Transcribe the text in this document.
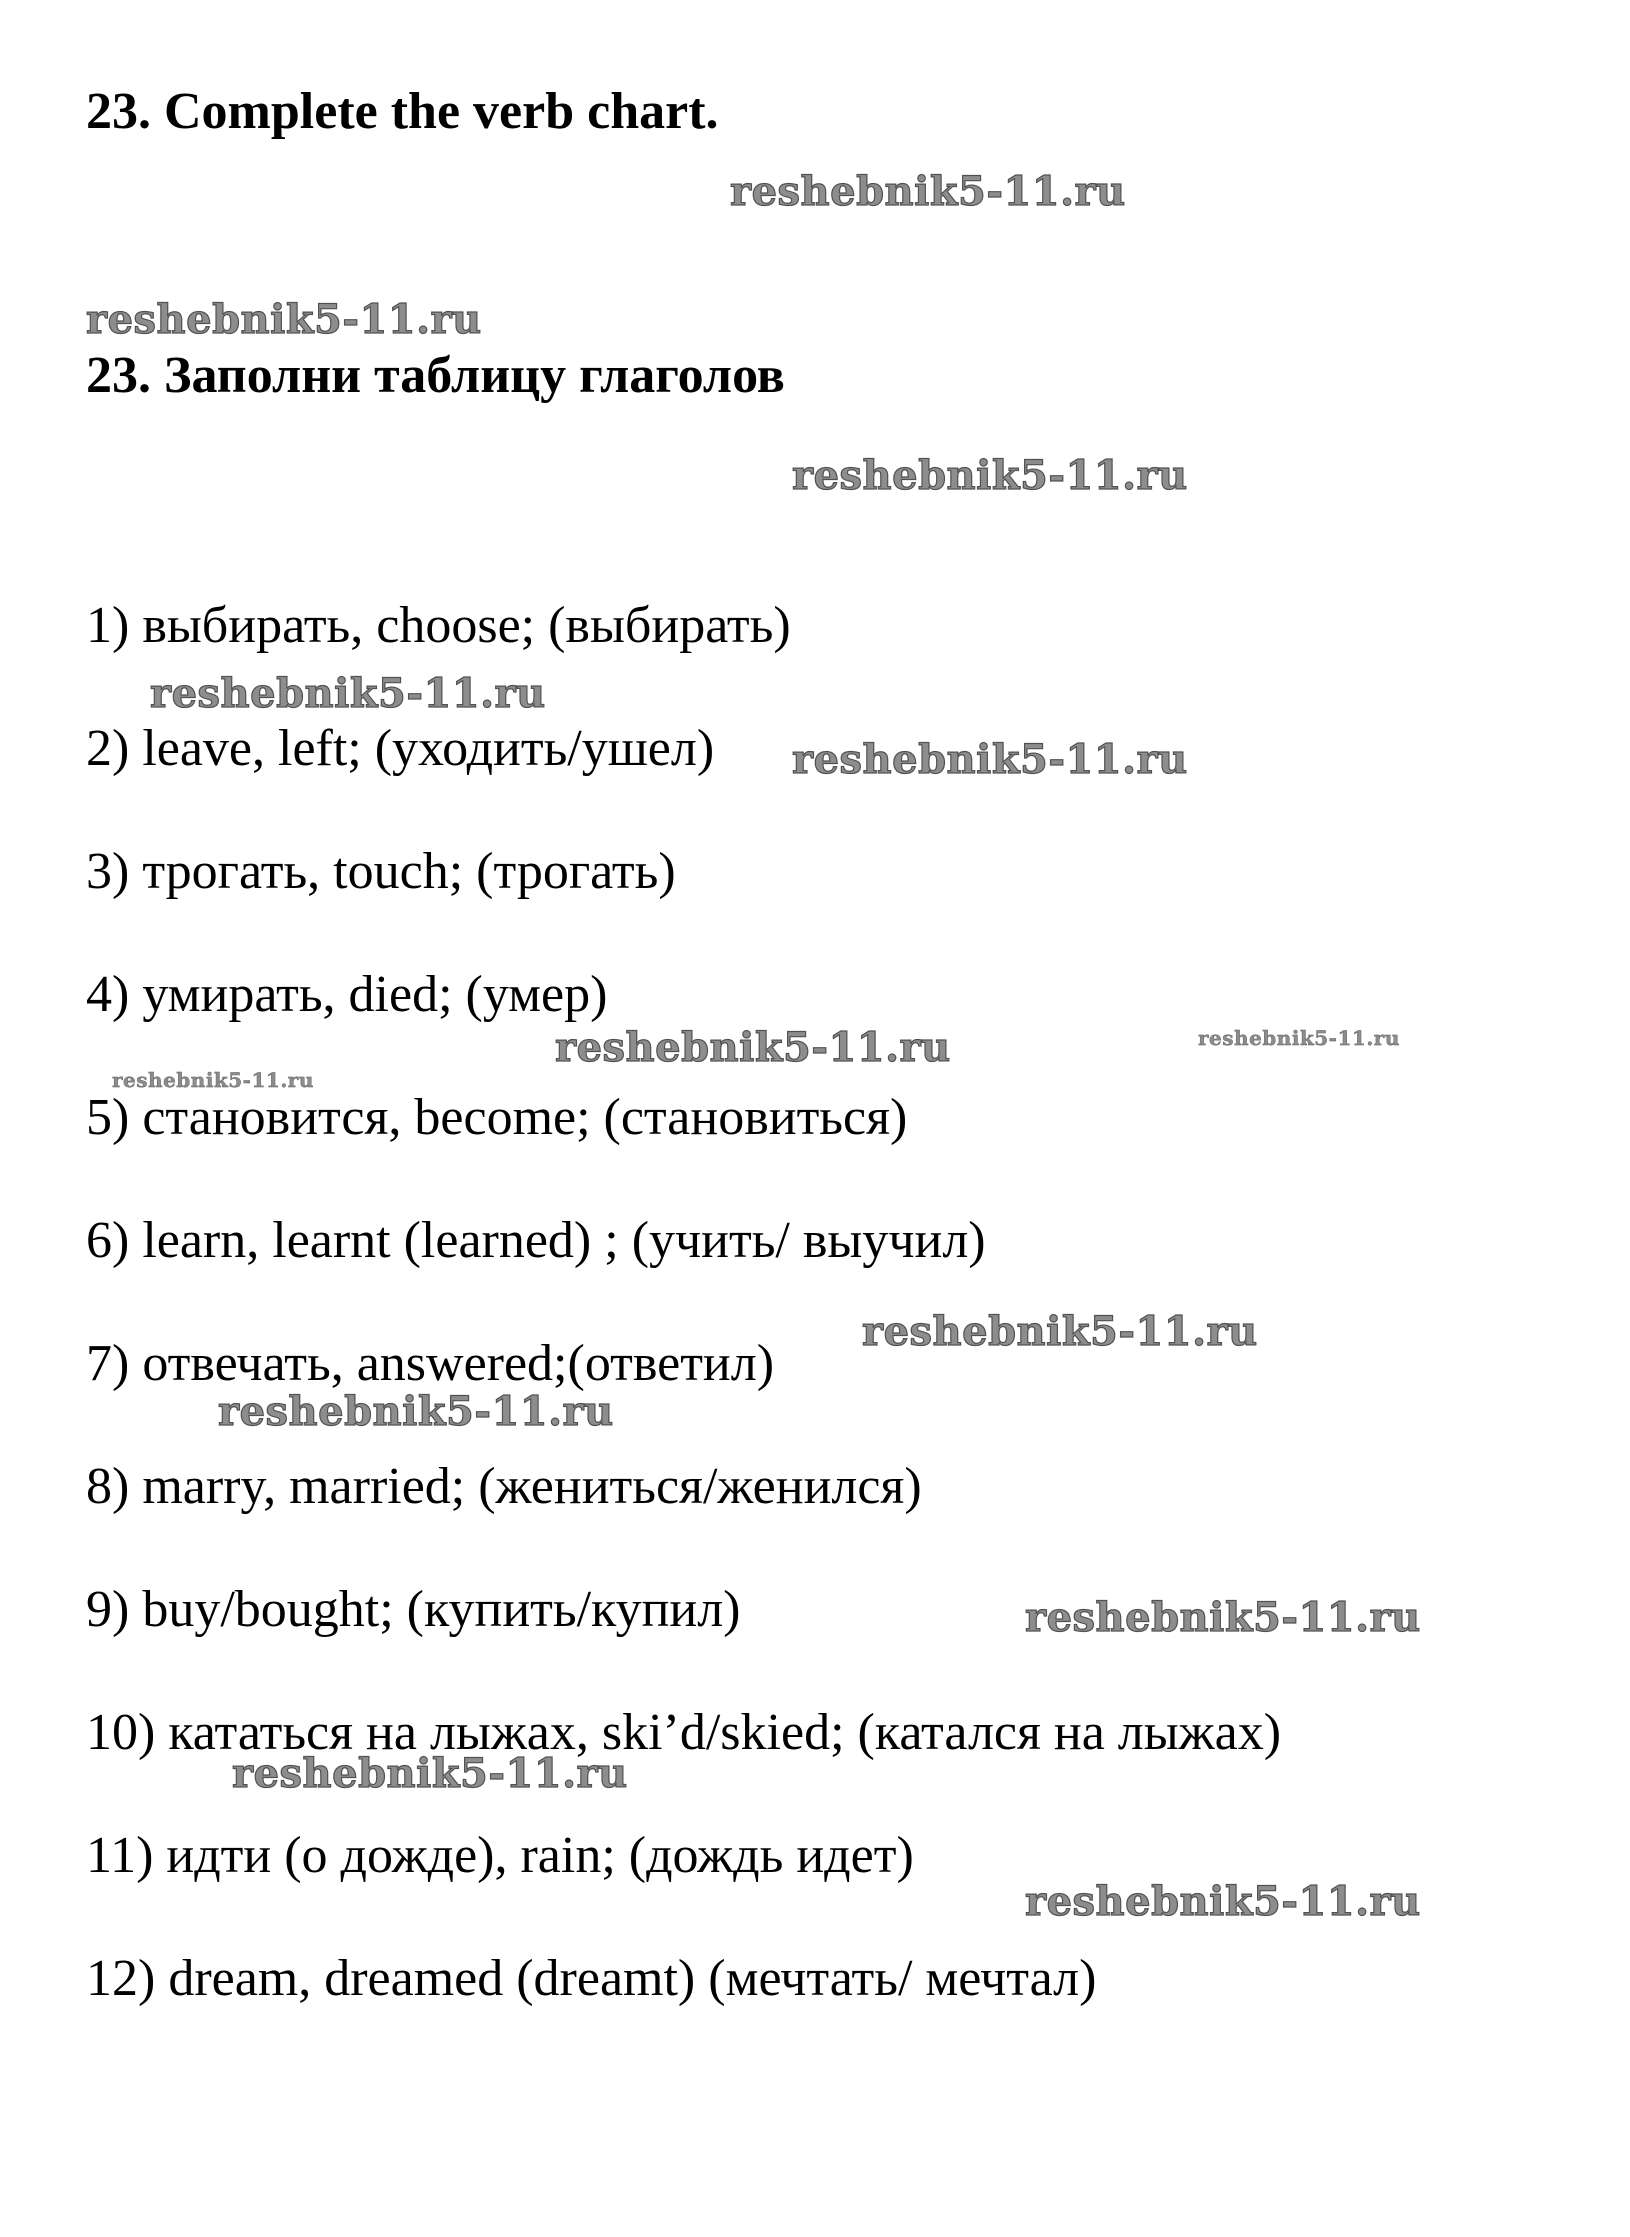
23. Complete the verb chart.
23. Заполни таблицу глаголов
1) выбирать, choose; (выбирать)
2) leave, left; (уходить/ушел)
3) трогать, touch; (трогать)
4) умирать, died; (умер)
5) становится, become; (становиться)
6) learn, learnt (learned) ; (учить/ выучил)
7) отвечать, answered;(ответил)
8) marry, married; (жениться/женился)
9) buy/bought; (купить/купил)
10) кататься на лыжах, ski’d/skied; (катался на лыжах)
11) идти (о дожде), rain; (дождь идет)
12) dream, dreamed (dreamt) (мечтать/ мечтал)
reshebnik5-11.ru
reshebnik5-11.ru
reshebnik5-11.ru
reshebnik5-11.ru
reshebnik5-11.ru
reshebnik5-11.ru	reshebnik5-11.ru
reshebnik5-11.ru
reshebnik5-11.ru
reshebnik5-11.ru
reshebnik5-11.ru
reshebnik5-11.ru
reshebnik5-11.ru
